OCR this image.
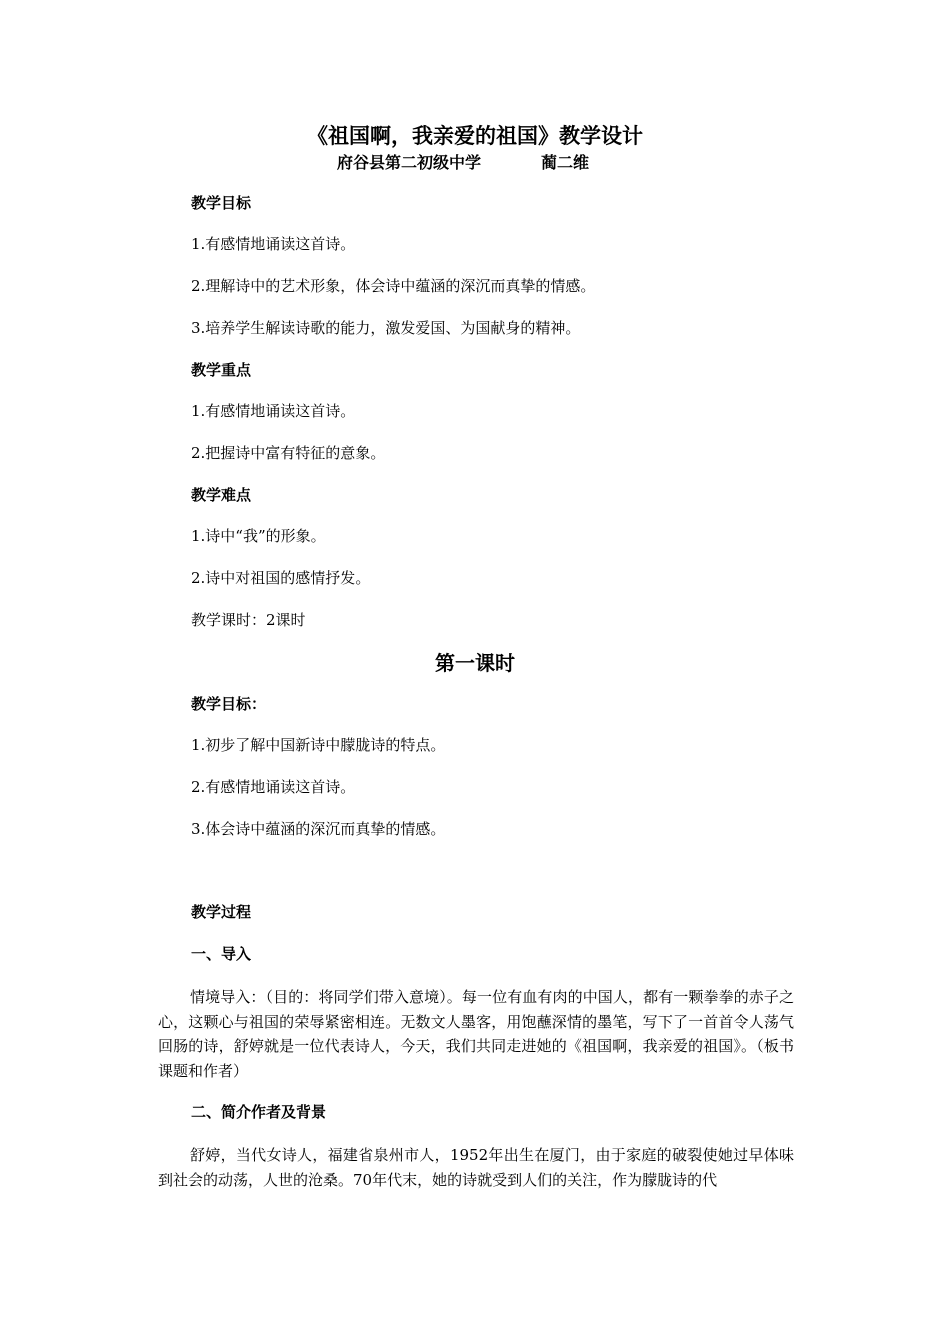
《祖国啊，我亲爱的祖国》教学设计
府谷县第二初级中学	蔺二维

教学目标

1.有感情地诵读这首诗。

2.理解诗中的艺术形象，体会诗中蕴涵的深沉而真挚的情感。

3.培养学生解读诗歌的能力，激发爱国、为国献身的精神。

教学重点

1.有感情地诵读这首诗。

2.把握诗中富有特征的意象。

教学难点

1.诗中“我”的形象。

2.诗中对祖国的感情抒发。

教学课时：2课时

第一课时

教学目标：

1.初步了解中国新诗中朦胧诗的特点。

2.有感情地诵读这首诗。

3.体会诗中蕴涵的深沉而真挚的情感。

教学过程

一、导入

情境导入：（目的：将同学们带入意境）。每一位有血有肉的中国人，都有一颗拳拳的赤子之心，这颗心与祖国的荣辱紧密相连。无数文人墨客，用饱蘸深情的墨笔，写下了一首首令人荡气回肠的诗，舒婷就是一位代表诗人，今天，我们共同走进她的《祖国啊，我亲爱的祖国》。（板书课题和作者）

二、简介作者及背景

舒婷，当代女诗人，福建省泉州市人，1952年出生在厦门，由于家庭的破裂使她过早体味到社会的动荡，人世的沧桑。70年代末，她的诗就受到人们的关注，作为朦胧诗的代
